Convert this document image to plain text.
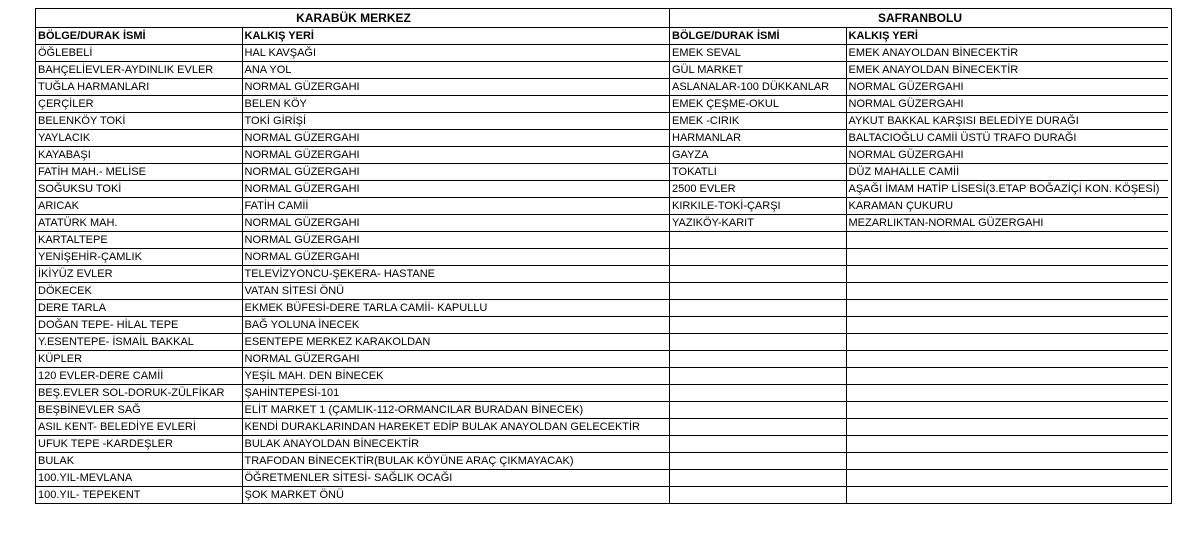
KARABÜK MERKEZ	
BÖLGE/DURAK İSMİ	KALKIŞ YERİ
ÖĞLEBELİ	HAL KAVŞAĞI
BAHÇELİEVLER-AYDINLIK EVLER	ANA YOL
TUĞLA HARMANLARI	NORMAL GÜZERGAHI
ÇERÇİLER	BELEN KÖY
BELENKÖY TOKİ	TOKİ GİRİŞİ
YAYLACIK	NORMAL GÜZERGAHI
KAYABAŞI	NORMAL GÜZERGAHI
FATİH MAH.- MELİSE	NORMAL GÜZERGAHI
SOĞUKSU TOKİ	NORMAL GÜZERGAHI
ARICAK	FATİH CAMİİ
ATATÜRK MAH.	NORMAL GÜZERGAHI
KARTALTEPE	NORMAL GÜZERGAHI
YENİŞEHİR-ÇAMLIK	NORMAL GÜZERGAHI
İKİYÜZ EVLER	TELEVİZYONCU-ŞEKERA- HASTANE
DÖKECEK	VATAN SİTESİ ÖNÜ
DERE TARLA	EKMEK BÜFESİ-DERE TARLA CAMİİ- KAPULLU
DOĞAN TEPE- HİLAL TEPE	BAĞ YOLUNA İNECEK
Y.ESENTEPE- İSMAİL BAKKAL	ESENTEPE MERKEZ KARAKOLDAN
KÜPLER	NORMAL GÜZERGAHI
120 EVLER-DERE CAMİİ	YEŞİL MAH. DEN BİNECEK
BEŞ.EVLER SOL-DORUK-ZÜLFİKAR	ŞAHİNTEPESİ-101
BEŞBİNEVLER SAĞ	ELİT MARKET 1 (ÇAMLIK-112-ORMANCILAR BURADAN BİNECEK)
ASIL KENT- BELEDİYE EVLERİ	KENDİ DURAKLARINDAN HAREKET EDİP BULAK ANAYOLDAN GELECEKTİR
UFUK TEPE -KARDEŞLER	BULAK ANAYOLDAN BİNECEKTİR
BULAK	TRAFODAN BİNECEKTİR(BULAK KÖYÜNE ARAÇ ÇIKMAYACAK)
100.YIL-MEVLANA	ÖĞRETMENLER SİTESİ- SAĞLIK OCAĞI
100.YIL- TEPEKENT	ŞOK MARKET ÖNÜ
SAFRANBOLU	
BÖLGE/DURAK İSMİ	KALKIŞ YERİ
EMEK SEVAL	EMEK ANAYOLDAN BİNECEKTİR
GÜL MARKET	EMEK ANAYOLDAN BİNECEKTİR
ASLANALAR-100 DÜKKANLAR	NORMAL GÜZERGAHI
EMEK ÇEŞME-OKUL	NORMAL GÜZERGAHI
EMEK -CIRIK	AYKUT BAKKAL KARŞISI BELEDİYE DURAĞI
HARMANLAR	BALTACIOĞLU CAMİİ ÜSTÜ TRAFO DURAĞI
GAYZA	NORMAL GÜZERGAHI
TOKATLI	DÜZ MAHALLE CAMİİ
2500 EVLER	AŞAĞI İMAM HATİP LİSESİ(3.ETAP BOĞAZİÇİ KON. KÖŞESİ)
KIRKILE-TOKİ-ÇARŞI	KARAMAN ÇUKURU
YAZIKÖY-KARIT	MEZARLIKTAN-NORMAL GÜZERGAHI
